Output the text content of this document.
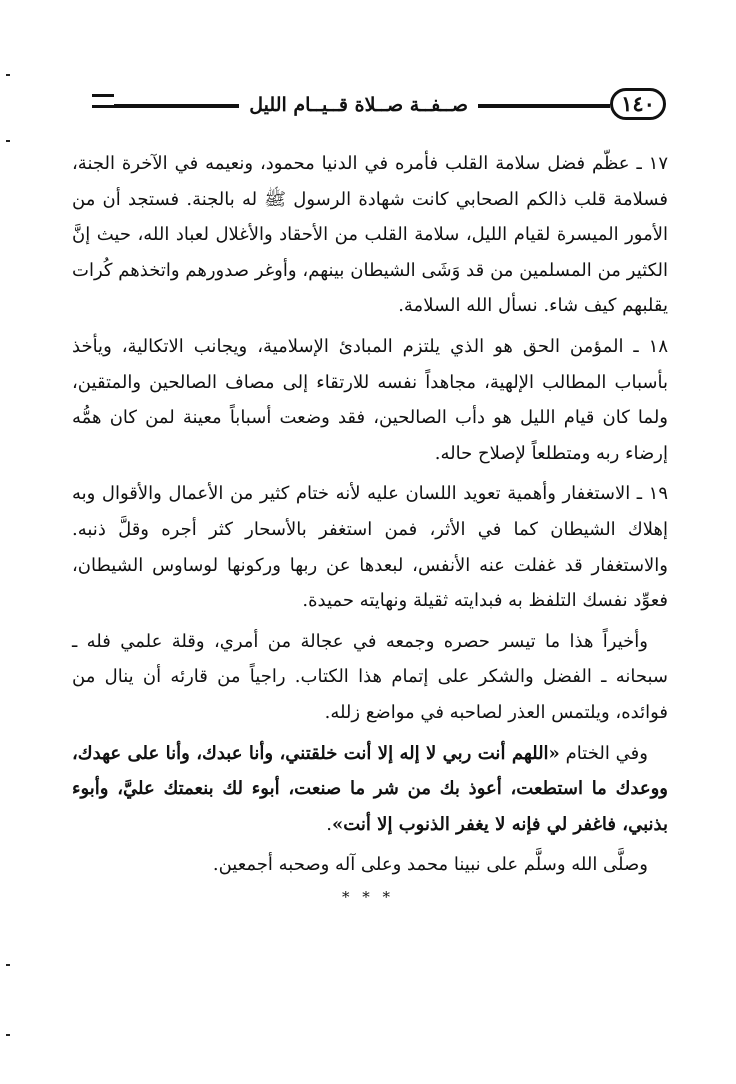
صــفــة صــلاة قــيــام الليل	١٤٠

١٧ ـ عظّم فضل سلامة القلب فأمره في الدنيا محمود، ونعيمه في الآخرة الجنة، فسلامة قلب ذالكم الصحابي كانت شهادة الرسول ﷺ له بالجنة. فستجد أن من الأمور الميسرة لقيام الليل، سلامة القلب من الأحقاد والأغلال لعباد الله، حيث إنَّ الكثير من المسلمين من قد وَشَى الشيطان بينهم، وأوغر صدورهم واتخذهم كُرات يقلبهم كيف شاء. نسأل الله السلامة.

١٨ ـ المؤمن الحق هو الذي يلتزم المبادئ الإسلامية، ويجانب الاتكالية، ويأخذ بأسباب المطالب الإلهية، مجاهداً نفسه للارتقاء إلى مصاف الصالحين والمتقين، ولما كان قيام الليل هو دأب الصالحين، فقد وضعت أسباباً معينة لمن كان همُّه إرضاء ربه ومتطلعاً لإصلاح حاله.

١٩ ـ الاستغفار وأهمية تعويد اللسان عليه لأنه ختام كثير من الأعمال والأقوال وبه إهلاك الشيطان كما في الأثر، فمن استغفر بالأسحار كثر أجره وقلَّ ذنبه. والاستغفار قد غفلت عنه الأنفس، لبعدها عن ربها وركونها لوساوس الشيطان، فعوِّد نفسك التلفظ به فبدايته ثقيلة ونهايته حميدة.

وأخيراً هذا ما تيسر حصره وجمعه في عجالة من أمري، وقلة علمي فله ـ سبحانه ـ الفضل والشكر على إتمام هذا الكتاب. راجياً من قارئه أن ينال من فوائده، ويلتمس العذر لصاحبه في مواضع زلله.

وفي الختام «اللهم أنت ربي لا إله إلا أنت خلقتني، وأنا عبدك، وأنا على عهدك، ووعدك ما استطعت، أعوذ بك من شر ما صنعت، أبوء لك بنعمتك عليَّ، وأبوء بذنبي، فاغفر لي فإنه لا يغفر الذنوب إلا أنت».

وصلَّى الله وسلَّم على نبينا محمد وعلى آله وصحبه أجمعين.

* * *
